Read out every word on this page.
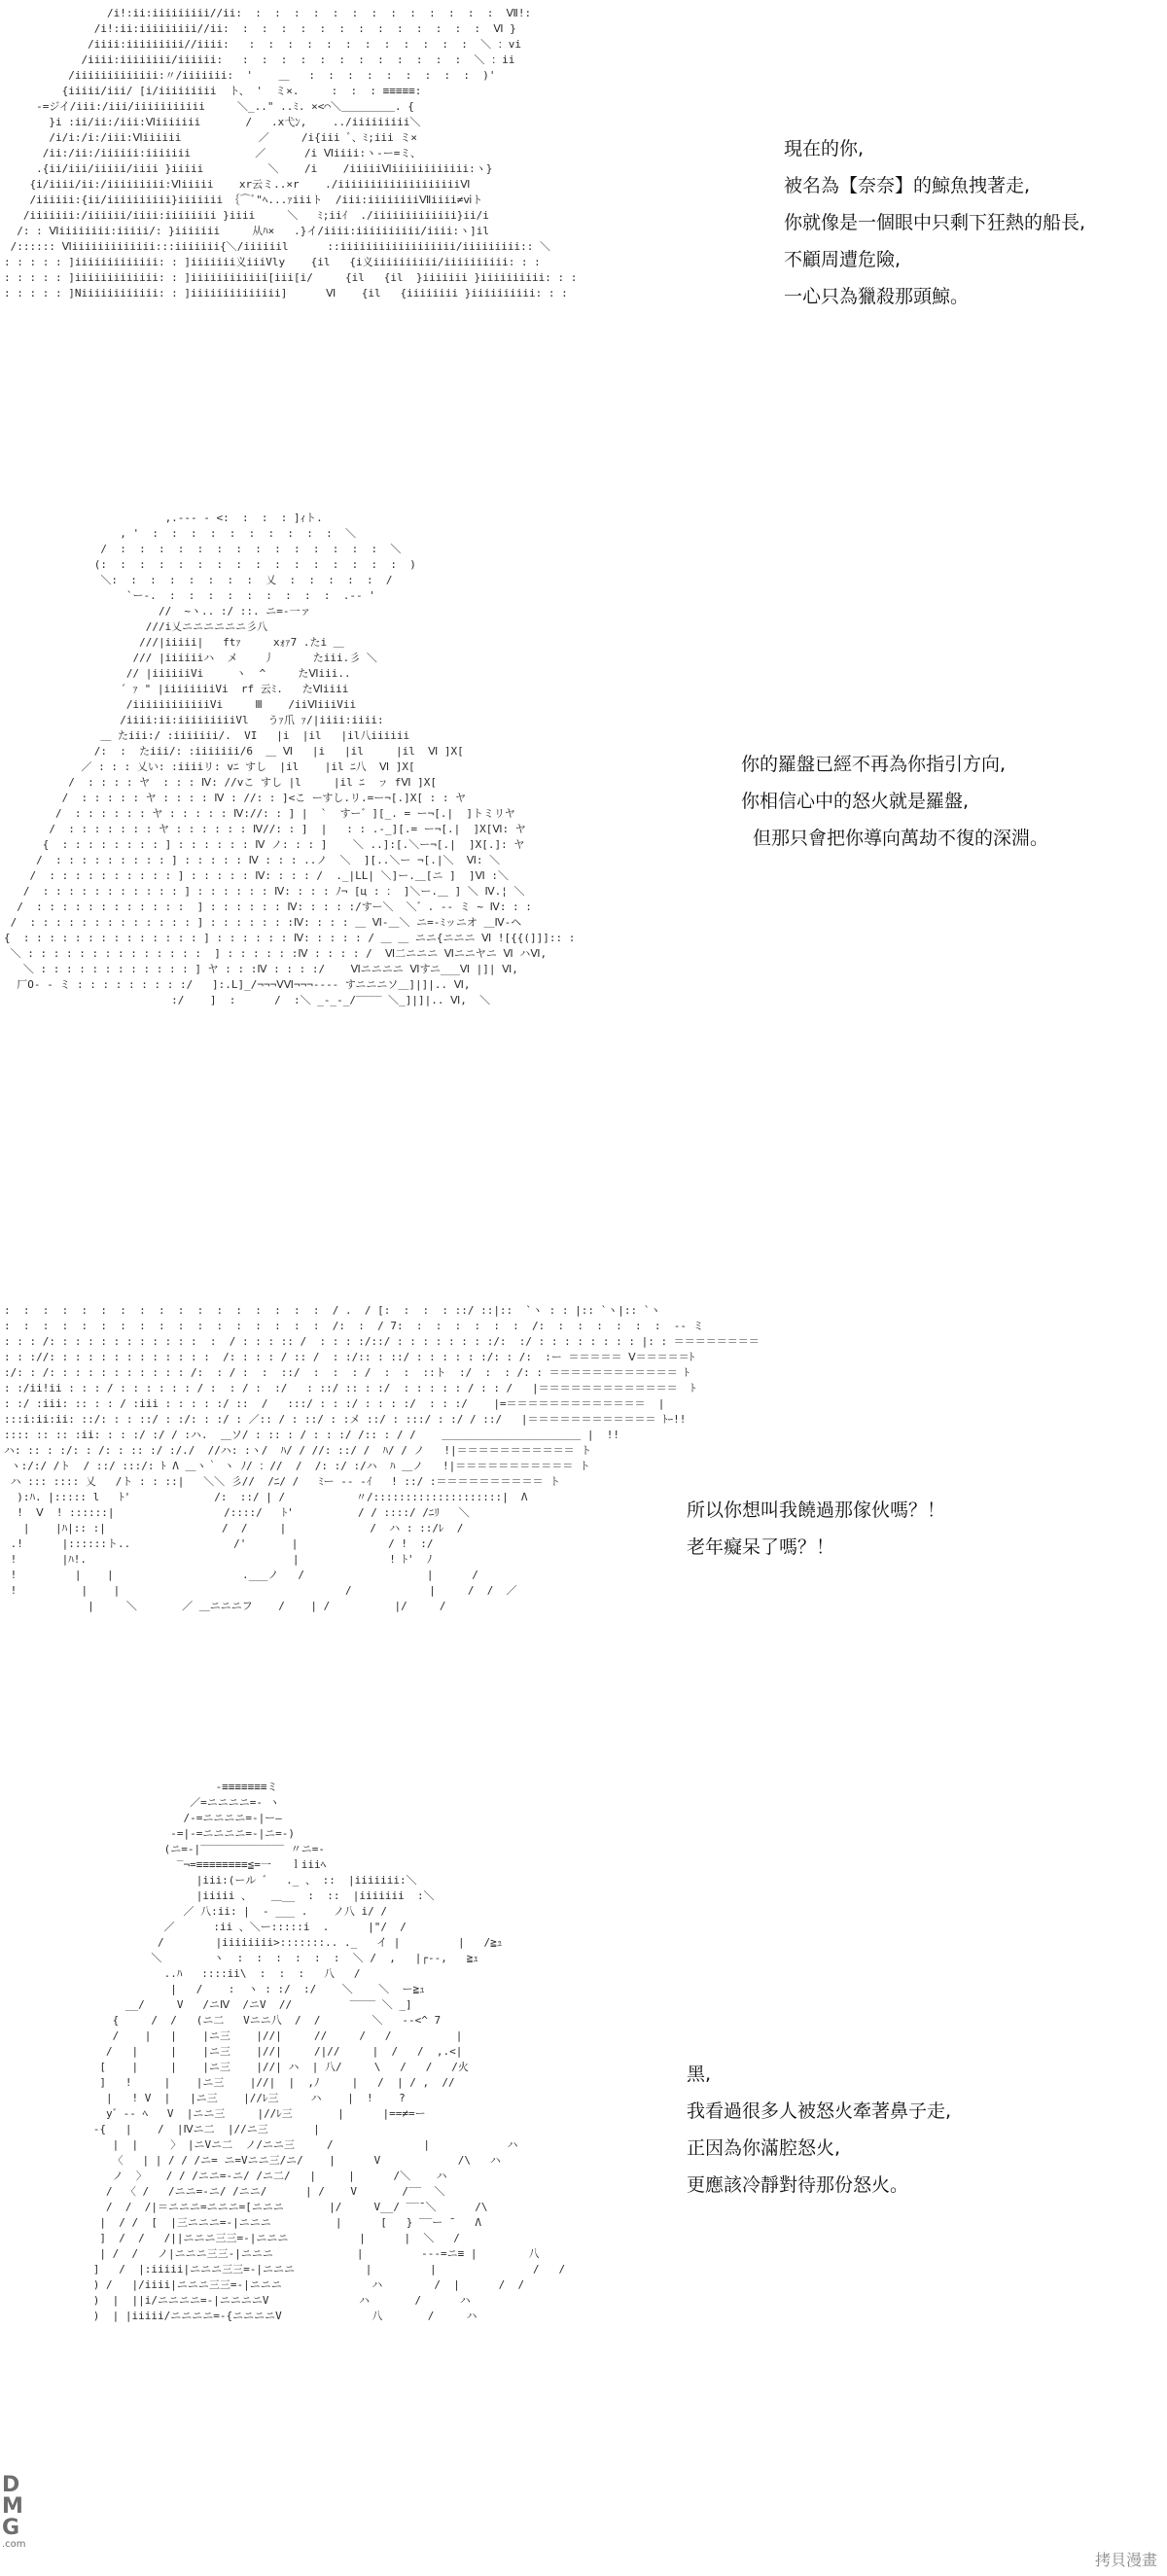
/i!:ii:iiiiiiiii//ii:  :  :  :  :  :  :  :  :  :  :  :  :  :  Ⅶ!:
/i!:ii:iiiiiiiii//ii:  :  :  :  :  :  :  :  :  :  :  :  :  :  Ⅵ }
/iiii:iiiiiiiii//iiii:   :  :  :  :  :  :  :  :  :  :  :  :  ＼ ：vi
/iiii:iiiiiiii/iiiiii:   :  :  :  :  :  :  :  :  :  :  :  :  ＼ ：ii
/iiiiiiiiiiiii:〃/iiiiiii:  '    ＿   :  :  :  :  :  :  :  :  :  )'
{iiiii/iii/ [i/iiiiiiiii  ト、 '  ミ×.     :  :  : ≡≡≡≡≡:
-=ジイ/iii:/iii/iiiiiiiiiii     ＼_.." ..ﾐ. ×<⌒＼＿＿＿＿＿. {
}i :ii/ii:/iii:Ⅵiiiiiii       /   .x弋ﾝ,    ../iiiiiiiii＼
/i/i:/i:/iii:Ⅵiiiiii            ／     /i{iii ﾞ、ﾐ;iii ミ×
/ii:/ii:/iiiiii:iiiiiii          ／      /i Ⅵiiii:ヽ-ー=ミ、
.{ii/iii/iiiii/iiii }iiiii          ＼    /i    /iiiiiⅥiiiiiiiiiiii:ヽ}
{i/iiii/ii:/iiiiiiiii:Ⅵiiiii    xr云ミ..×r    ./iiiiiiiiiiiiiiiiiiiⅥ
/iiiiii:{ii/iiiiiiiiii}iiiiiii ｛⌒ﾞ"ﾍ...ｧiiiト  /iii:iiiiiiiiⅦiiii≠ⅵト
/iiiiiii:/iiiiii/iiii:iiiiiiii }iiii     ＼   ﾐ;iiｲ  ./iiiiiiiiiiiii}ii/i
/: : Ⅵiiiiiiii:iiiii/: }iiiiiii     从ﾊ×   .}イ/iiii:iiiiiiiiii/iiii:ヽ]il
/:::::: Ⅵiiiiiiiiiiiii:::iiiiiii{＼/iiiiiil      ::iiiiiiiiiiiiiiiiii/iiiiiiiii:: ＼
: : : : : ]iiiiiiiiiiiii: : ]iiiiiii义iiiVly    {il   {i义iiiiiiiiii/iiiiiiiiii: : :
: : : : : ]iiiiiiiiiiiii: : ]iiiiiiiiiiii[iii[i/     {il   {il  }iiiiiii }iiiiiiiiii: : :
: : : : : ]Niiiiiiiiiiii: : ]iiiiiiiiiiiiii]      Ⅵ    {il   {iiiiiiii }iiiiiiiiii: : :

現在的你,

被名為【奈奈】的鯨魚拽著走,

你就像是一個眼中只剩下狂熱的船長,

不顧周遭危險,

一心只為獵殺那頭鯨。

,.--- ‐ <:  :  :  : ]ｨト.
, '  :  :  :  :  :  :  :  :  :  :  ＼
/  :  :  :  :  :  :  :  :  :  :  :  :  :  :  ＼
(:  :  :  :  :  :  :  :  :  :  :  :  :  :  :  :  )
＼:  :  :  :  :  :  :  :  乂  :  :  :  :  :  /
`ー-.  :  :  :  :  :  :  :  :  :  .-‐ '
//  ~ヽ.. :/ ::. ニ=-一ァ
///i乂ニニニニニニ彡八
///|iiiii|   ftｧ     xｫｧ7 .たi ＿
/// |iiiiiiハ  メ    丿      たiii.彡 ＼
// |iiiiiiVi     ヽ  ^     たⅥiii..
´ ｧ " |iiiiiiiiVi  rf 云ﾐ.   たⅥiiii
/iiiiiiiiiiiiVi     Ⅲ    /iiⅥiiiVii
/iiii:ii:iiiiiiiiiVl   うｧ爪 ｧ/|iiii:iiii:
＿ たiii:/ :iiiiiii/.  VI   |i  |il   |il八iiiiii
/:  :  たiii/: :iiiiiii/6  ＿ Ⅵ   |i   |il     |il  Ⅵ ]X[
／ : : : 乂い: :iiiiリ: vﾆ すし  |il    |il ﾆ八  Ⅵ ]X[
/  : : : : ヤ  : : : Ⅳ: //vこ すし |l     |il ﾆ  ㇷ fⅥ ]X[
/  : : : : : ヤ : : : : Ⅳ : //: : ]<こ ーすし.リ.=ー¬[.]X[ : : ヤ
/  : : : : : : ヤ : : : : : Ⅳ://: : ] |  `  すー゛][_. = ー¬[.|  ]トミリヤ
/  : : : : : : : ヤ : : : : : : Ⅳ//: : ]  |   : : .-_][.= ー¬[.|  ]X[Ⅵ: ヤ
{  : : : : : : : : ] : : : : : : Ⅳ ノ: : : ]    ＼ ..]:[.＼ー¬[.|  ]X[.]: ヤ
/  : : : : : : : : : ] : : : : : Ⅳ : : : ..ノ  ＼  ][..＼ー ¬[.|＼  Ⅵ: ＼
/  : : : : : : : : : : ] : : : : : Ⅳ: : : : /  ._|LL| ＼]ー.＿[ニ ]  ]Ⅵ :＼
/  : : : : : : : : : : : ] : : : : : : Ⅳ: : : : ﾉ¬ [ц : ： ]＼ー.＿ ] ＼ Ⅳ.¦ ＼
/  : : : : : : : : : : : :  ] : : : : : : Ⅳ: : : : :/すー＼  ＼゛. -- ミ ~ Ⅳ: : :
/  : : : : : : : : : : : : : ] : : : : : : :Ⅳ: : : : ＿ Ⅵ-＿＼ ニ=-ﾐッニオ ＿Ⅳ-ヘ
{  : : : : : : : : : : : : : : ] : : : : : : Ⅳ: : : : : / ＿ ＿ ニニ{ニニニ Ⅵ ![{{(]]]:: :
＼ : : : : : : : : : : : : : :  ] : : : : : :Ⅳ : : : : /  Ⅵ二ニニニ Ⅵニニヤニ Ⅵ ハⅥ,
＼ : : : : : : : : : : : : ] ヤ : : :Ⅳ : : : :/    Ⅵニニニニ Ⅵすニ___Ⅵ |]| Ⅵ,
厂O- - ミ : : : : : : : : :/   ]:.L]_/¬¬¬ⅤⅥ¬¬¬---- すニニニソ＿]|]|.. Ⅵ,
:/    ]  :      /  :＼ _-_-_/‾‾‾‾ ＼_]|]|.. Ⅵ,  ＼

你的羅盤已經不再為你指引方向,

你相信心中的怒火就是羅盤,

但那只會把你導向萬劫不復的深淵。

:  :  :  :  :  :  :  :  :  :  :  :  :  :  :  :  :  / .  / [:  :  :  : ::/ ::|::  `ヽ : : |:: `ヽ|:: `ヽ
:  :  :  :  :  :  :  :  :  :  :  :  :  :  :  :  :  /:  :  / 7:  :  :  :  :  :  :  /:  :  :  :  :  :  :  ‐- ミ
: : : /: : : : : : : : : : : :  :  / : : : :: /  : : : :/::/ : : : : : : : :/:  :/ : : : : : : : : |: : ＝＝＝＝＝＝＝＝
: : ://: : : : : : : : : : : : :  /: : : : / :: /  : :/:: : ::/ : : : : : :/: : /:  :ー ＝＝＝＝＝ Ⅴ＝＝＝＝＝ﾄ
:/: : /: : : : : : : : : : : /:  : / :  :  ::/  :  :  : /  :  :  ::ト  :/  :  : /: : ＝＝＝＝＝＝＝＝＝＝＝＝ ﾄ
: :/ii!ii : : : / : : : : : : / :  : / :  :/   : ::/ :: : :/  : : : : : / : : /   |＝＝＝＝＝＝＝＝＝＝＝＝＝  ﾄ
: :/ :iii: :: : : / :iii : : : : :/ ::  /   :::/ : : :/ : : : :/  : : :/    |=＝＝＝＝＝＝＝＝＝＝＝＝＝  |
:::i:ii:ii: ::/: : : ::/ : :/: : :/ : ／:: / : ::/ : :メ ::/ : :::/ : :/ / ::/   |＝＝＝＝＝＝＝＝＝＝＝＝ ﾄｰ!!
:::: :: :: :ii: : : :/ :/ / :ハ.  ＿ソ/ : :: : / : : :/ /:: : / /    ＿＿＿＿＿＿＿＿＿＿＿＿＿ |  !!
ハ: :: : :/: : /: : :: :/ :/./  //ハ: :ヽ/  ﾊ/ / //: ::/ /  ﾊ/ / ノ   !|＝＝＝＝＝＝＝＝＝＝＝ ト
ヽ:/:/ /ト  / ::/ :::/: ﾄ Λ ＿ヽ｀ ヽ ﾉ/ ：//  /  /: :/ :/ハ  ﾊ ＿ノ   !|＝＝＝＝＝＝＝＝＝＝＝ ト
ハ ::: :::: 乂   /ト : : ::|   ＼＼ 彡//  /ﾆ/ /   ﾐー -- -ｲ   ! ::/ :＝＝＝＝＝＝＝＝＝＝ ト
):ﾊ. |::::: l   ﾄ'             /:  ::/ | /           〃/::::::::::::::::::::|  Λ
!  Ⅴ  ! ::::::|                 /::::/   ﾄ'          / / ::::/ /ﾆﾘ   ＼
|    |ﾊ|:: :|                  /  /     |             /  ハ : ::/ﾚ  /
.!      |::::::ト..                /'       |              / !  :/
!       |ﾊ!.                                |              ! ﾄ'  ﾉ
!         |    |                    .___ノ   /                   |      /
!          |    |                                   /            |     /  /  ／
|     ＼       ／ ＿ニニニフ    /    | /          |/     /

所以你想叫我饒過那傢伙嗎？！

老年癡呆了嗎？！

-≡≡≡≡≡≡≡ミ
／=ニニニニ=- ヽ
/-=ニニニニ=-|ー―
-=|-=ニニニニ=-|ニ=-)
(ニ=-|‾‾‾‾‾‾‾‾‾‾‾‾‾ 〃ニ=-
‾¬=≡≡≡≡≡≡≡≡≦=一   ｌiiiﾍ
|iii:(ール ゛  ._ 、 ::  |iiiiiii:＼
|iiiii 、   ＿__  :  ::  |iiiiiii  :＼
／ 八:ii: |  - ___ .    ノ八 i/ /
／      :ii 、＼ー:::::i  .      |"/  /
/        |iiiiiiii>:::::::.. ._   イ |         |   /≧ｭ
＼        ヽ  :  :  :  :  :  :  ＼ /  ,   |┌--,   ≧ｭ
..ﾊ   ::::ii\  :  :  :   八   /
|   /    :  ヽ : :/  :/    ＼    ＼  ー≧ｭ
__/     V   /ニⅣ  /ニV  //         ‾‾‾‾ ＼ _]
{     /  /   (ニ二   Vニニ八  /  /        ＼   --<^ 7
/    |   |    |ニ三    |//|     //     /   /          |
/   |     |    |ニ三    |//|     /|//     |  /   /  ,.<|
[    |     |    |ニ三    |//| ハ  | 八/     \   /   /   /火
]   !     |    |ニ三    |//|  |  ,ﾉ     |   /  | / ,  //
|   ! V  |   |ニ三    |//ﾚ三     ハ    |  !    ?
y゛-- ﾍ   V  |ニニ三     |//ﾚ三       |      |==≠=ー
-{   |    /  |Ⅳニ二  |//ニ三       |
|  |     〉 |ニVニ二  ノ/ニニ三     /              |            ハ
〈   | | / / /ニ= ニ=Vニニ三/ニ/    |      V            /\   ハ
ノ  〉   / / /ニニ=-ニ/ /ニ二/   |     |      /＼    ハ
/  〈 /   /ニニ=-ニ/ /ニニ/      | /    V       /‾‾  ＼
/  /  /|＝ニニニ=ニニニ=[ニニニ       |/     V__/ ‾‾¯＼      /\
|  / /  [  |三ニニニ=-|ニニニ          |      [   } ‾‾ー ¯   Λ
]  /  /   /||ニニニ三三=-|ニニニ           |      |  ＼   /
| /  /   ノ|ニニニ三三-|ニニニ             |         ---=ニ≡ |        八
]   /  |:iiiii|ニニニ三三=-|ニニニ           |         |               /   /
) /   |/iiii|ニニニ三三=-|ニニニ              ハ        /  |      /  /
)  |  ||i/ニニニニ=-|ニニニニV              ハ       /      ハ
)  | |iiiii/ニニニニ=-{ニニニニV              八       /     ハ

黑,

我看過很多人被怒火牽著鼻子走,

正因為你滿腔怒火,

更應該冷靜對待那份怒火。

D
M
G
.com
拷貝漫畫
